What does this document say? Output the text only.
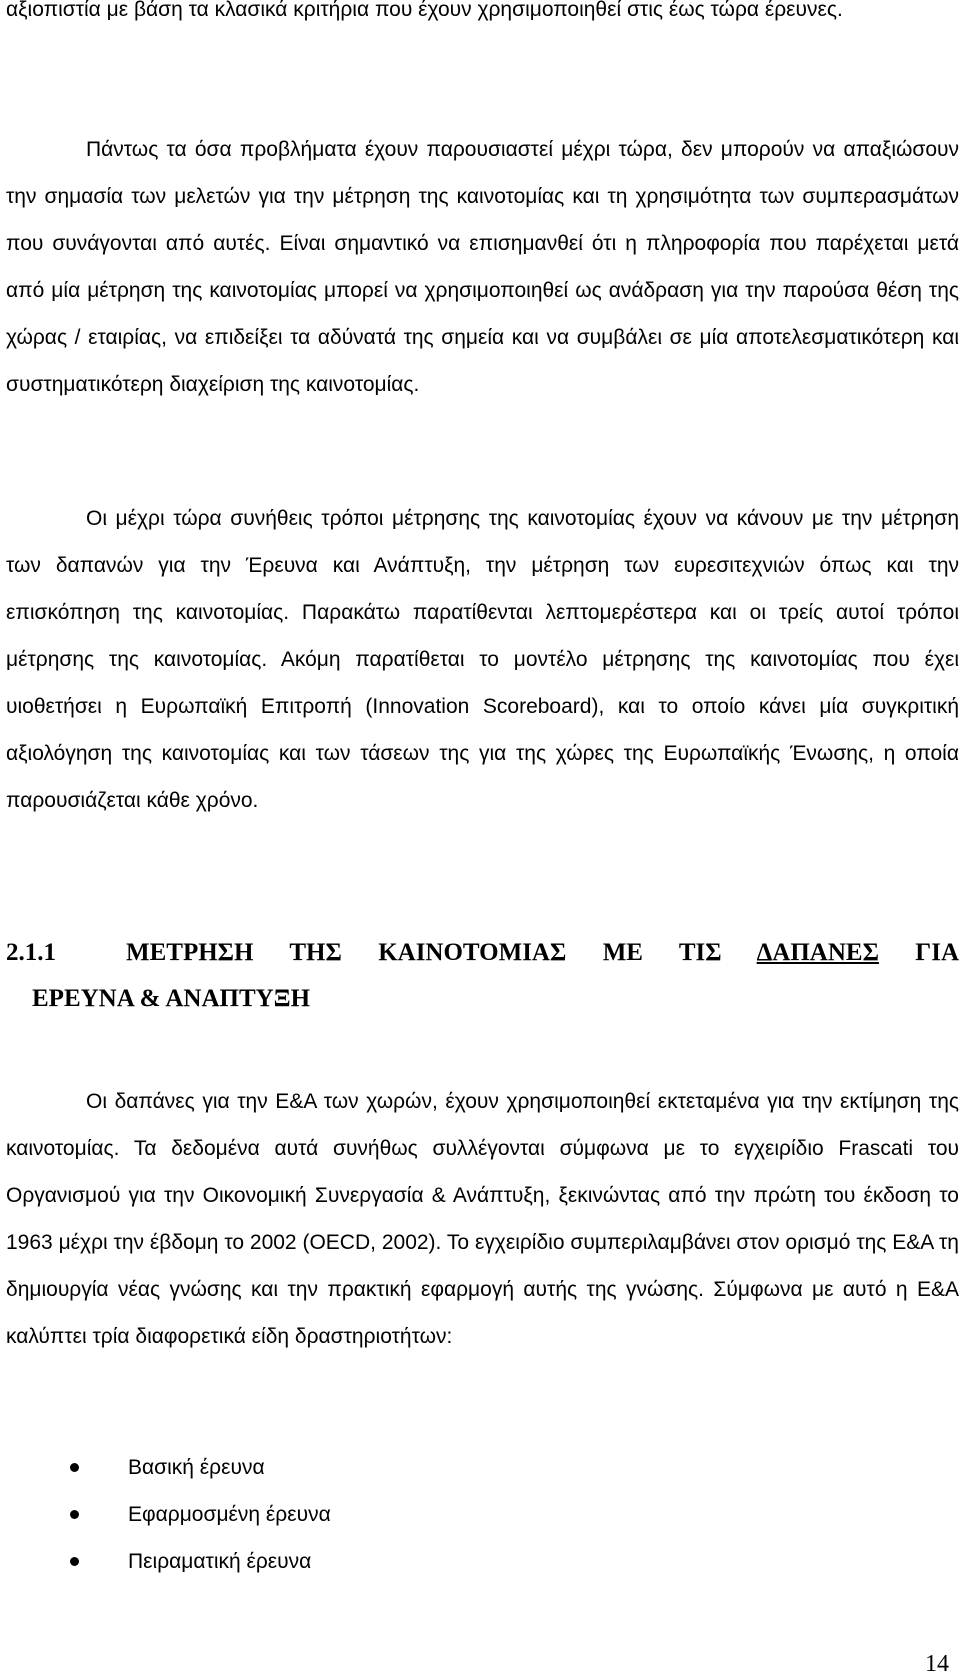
αξιοπιστία με βάση τα κλασικά κριτήρια που έχουν χρησιμοποιηθεί στις έως τώρα έρευνες.

Πάντως τα όσα προβλήματα έχουν παρουσιαστεί μέχρι τώρα, δεν μπορούν να απαξιώσουν την σημασία των μελετών για την μέτρηση της καινοτομίας και τη χρησιμότητα των συμπερασμάτων που συνάγονται από αυτές. Είναι σημαντικό να επισημανθεί ότι η πληροφορία που παρέχεται μετά από μία μέτρηση της καινοτομίας μπορεί να χρησιμοποιηθεί ως ανάδραση για την παρούσα θέση της χώρας / εταιρίας, να επιδείξει τα αδύνατά της σημεία και να συμβάλει σε μία αποτελεσματικότερη και συστηματικότερη διαχείριση της καινοτομίας.

Οι μέχρι τώρα συνήθεις τρόποι μέτρησης της καινοτομίας έχουν να κάνουν με την μέτρηση των δαπανών για την Έρευνα και Ανάπτυξη, την μέτρηση των ευρεσιτεχνιών όπως και την επισκόπηση της καινοτομίας. Παρακάτω παρατίθενται λεπτομερέστερα και οι τρείς αυτοί τρόποι μέτρησης της καινοτομίας. Ακόμη παρατίθεται το μοντέλο μέτρησης της καινοτομίας που έχει υιοθετήσει η Ευρωπαϊκή Επιτροπή (Innovation Scoreboard), και το οποίο κάνει μία συγκριτική αξιολόγηση της καινοτομίας και των τάσεων της για της χώρες της Ευρωπαϊκής Ένωσης, η οποία παρουσιάζεται κάθε χρόνο.

2.1.1	ΜΕΤΡΗΣΗ ΤΗΣ ΚΑΙΝΟΤΟΜΙΑΣ ΜΕ ΤΙΣ ΔΑΠΑΝΕΣ ΓΙΑ
ΕΡΕΥΝΑ & ΑΝΑΠΤΥΞΗ

Οι δαπάνες για την Ε&Α των χωρών, έχουν χρησιμοποιηθεί εκτεταμένα για την εκτίμηση της καινοτομίας. Τα δεδομένα αυτά συνήθως συλλέγονται σύμφωνα με το εγχειρίδιο Frascati του Οργανισμού για την Οικονομική Συνεργασία & Ανάπτυξη, ξεκινώντας από την πρώτη του έκδοση το 1963 μέχρι την έβδομη το 2002 (OECD, 2002). Το εγχειρίδιο συμπεριλαμβάνει στον ορισμό της Ε&Α τη δημιουργία νέας γνώσης και την πρακτική εφαρμογή αυτής της γνώσης. Σύμφωνα με αυτό η Ε&Α καλύπτει τρία διαφορετικά είδη δραστηριοτήτων:

Βασική έρευνα
Εφαρμοσμένη έρευνα
Πειραματική έρευνα
14
